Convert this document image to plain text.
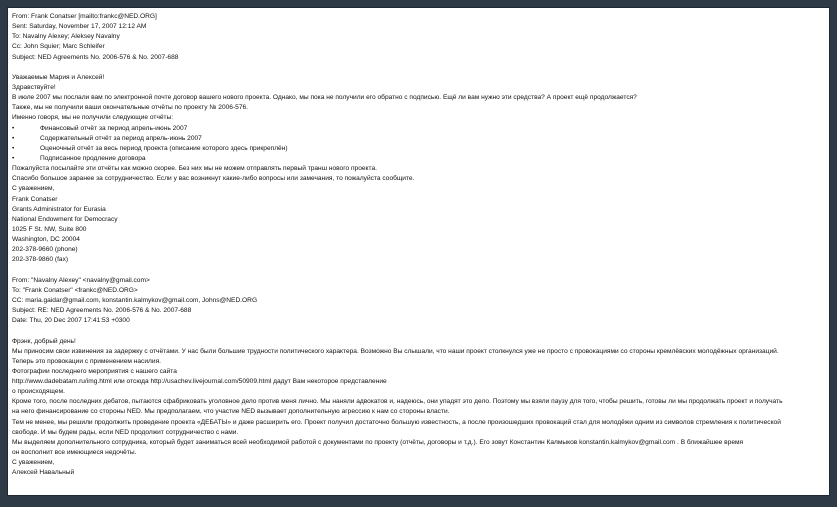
From: Frank Conatser [mailto:frankc@NED.ORG]
Sent: Saturday, November 17, 2007 12:12 AM
To: Navalny Alexey; Aleksey Navalny
Cc: John Squier; Marc Schleifer
Subject: NED Agreements No. 2006-576 & No. 2007-688
Уважаемые Мария и Алексей!
Здравствуйте!
В июле 2007 мы послали вам по электронной почте договор вашего нового проекта. Однако, мы пока не получили его обратно с подписью. Ещё ли вам нужно эти средства? А проект ещё продолжается?
Также, мы не получили ваши окончательные отчёты по проекту № 2006-576.
Именно говоря, мы не получили следующие отчёты:
•	Финансовый отчёт за период апрель-июнь 2007
•	Содержательный отчёт за период апрель-июнь 2007
•	Оценочный отчёт за весь период проекта (описание которого здесь прикреплён)
•	Подписанное продление договора
Пожалуйста посылайте эти отчёты как можно скорее. Без них мы не можем отправлять первый транш нового проекта.
Спасибо большое заранее за сотрудничество. Если у вас возникнут какие-либо вопросы или замечания, то пожалуйста сообщите.
С уважением,
Frank Conatser
Grants Administrator for Eurasia
National Endowment for Democracy
1025 F St. NW, Suite 800
Washington, DC 20004
202-378-9660 (phone)
202-378-9860 (fax)
From: "Navalny Alexey" <navalny@gmail.com>
To: "Frank Conatser" <frankc@NED.ORG>
CC: maria.gaidar@gmail.com, konstantin.kalmykov@gmail.com, Johns@NED.ORG
Subject: RE: NED Agreements No. 2006-576 & No. 2007-688
Date: Thu, 20 Dec 2007 17:41:53 +0300
Фрэнк, добрый день!
Мы приносим свои извинения за задержку с отчётами. У нас были большие трудности политического характера. Возможно Вы слышали, что наши проект столкнулся уже не просто с провокациями со стороны кремлёвских молодёжных организаций.
Теперь это провокации с применением насилия.
Фотографии последнего мероприятия с нашего сайта
http://www.dadebatam.ru/img.html или отсюда http://usachev.livejournal.com/50909.html дадут Вам некоторое представление
о происходящем.
Кроме того, после последних дебатов, пытаются сфабриковать уголовное дело против меня лично. Мы наняли адвокатов и, надеюсь, они упадят это дело. Поэтому мы взяли паузу для того, чтобы решить, готовы ли мы продолжать проект и получать
на него финансирование со стороны NED. Мы предполагаем, что участие NED вызывает дополнительную агрессию к нам со стороны власти.
Тем не менее, мы решили продолжить проведение проекта «ДЕБАТЫ» и даже расширить его. Проект получил достаточно большую известность, а после произошедших провокаций стал для молодёжи одним из символов стремления к политической
свободе. И мы будем рады, если NED продолжит сотрудничество с нами.
Мы выделяем дополнительного сотрудника, который будет заниматься всей необходимой работой с документами по проекту (отчёты, договоры и т.д.). Его зовут Константин Калмыков konstantin.kalmykov@gmail.com . В ближайшее время
он восполнит все имеющиеся недочёты.
С уважением,
Алексей Навальный
